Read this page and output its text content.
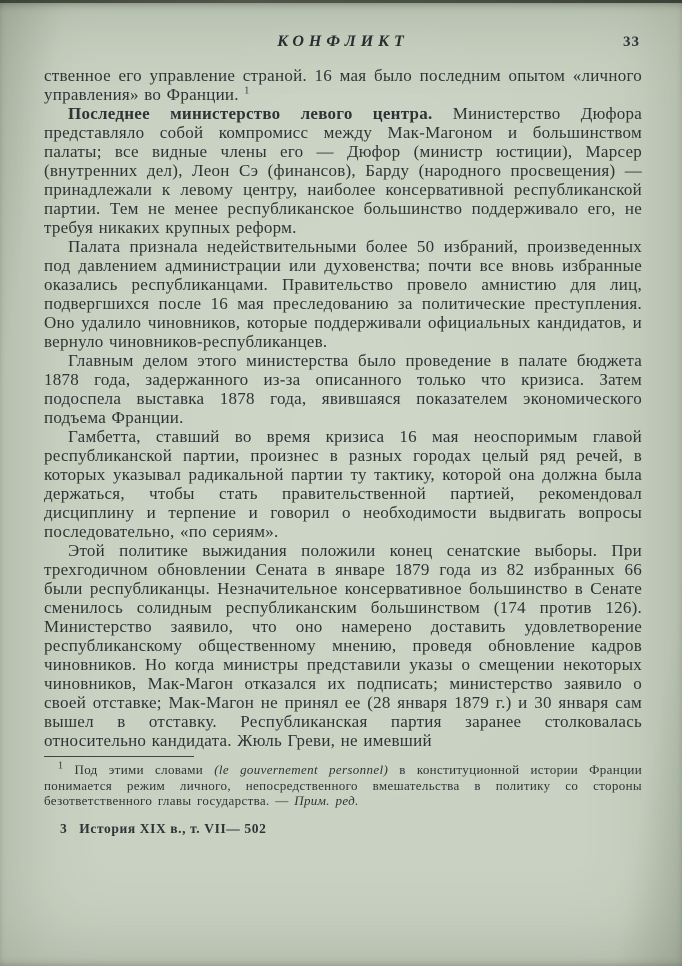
КОНФЛИКТ	33

ственное его управление страной. 16 мая было последним опытом «личного управления» во Франции. $^1$

Последнее министерство левого центра. Министерство Дюфора представляло собой компромисс между Мак-Магоном и большинством палаты; все видные члены его — Дюфор (министр юстиции), Марсер (внутренних дел), Леон Сэ (финансов), Барду (народного просвещения) — принадлежали к левому центру, наиболее консервативной республиканской партии. Тем не менее республиканское большинство поддерживало его, не требуя никаких крупных реформ.

Палата признала недействительными более 50 избраний, произведенных под давлением администрации или духовенства; почти все вновь избранные оказались республиканцами. Правительство провело амнистию для лиц, подвергшихся после 16 мая преследованию за политические преступления. Оно удалило чиновников, которые поддерживали официальных кандидатов, и вернуло чиновников-республиканцев.

Главным делом этого министерства было проведение в палате бюджета 1878 года, задержанного из-за описанного только что кризиса. Затем подоспела выставка 1878 года, явившаяся показателем экономического подъема Франции.

Гамбетта, ставший во время кризиса 16 мая неоспоримым главой республиканской партии, произнес в разных городах целый ряд речей, в которых указывал радикальной партии ту тактику, которой она должна была держаться, чтобы стать правительственной партией, рекомендовал дисциплину и терпение и говорил о необходимости выдвигать вопросы последовательно, «по сериям».

Этой политике выжидания положили конец сенатские выборы. При трехгодичном обновлении Сената в январе 1879 года из 82 избранных 66 были республиканцы. Незначительное консервативное большинство в Сенате сменилось солидным республиканским большинством (174 против 126). Министерство заявило, что оно намерено доставить удовлетворение республиканскому общественному мнению, проведя обновление кадров чиновников. Но когда министры представили указы о смещении некоторых чиновников, Мак-Магон отказался их подписать; министерство заявило о своей отставке; Мак-Магон не принял ее (28 января 1879 г.) и 30 января сам вышел в отставку. Республиканская партия заранее столковалась относительно кандидата. Жюль Греви, не имевший

$^1$ Под этими словами (le gouvernement personnel) в конституционной истории Франции понимается режим личного, непосредственного вмешательства в политику со стороны безответственного главы государства. — Прим. ред.
3   История XIX в., т. VII— 502
